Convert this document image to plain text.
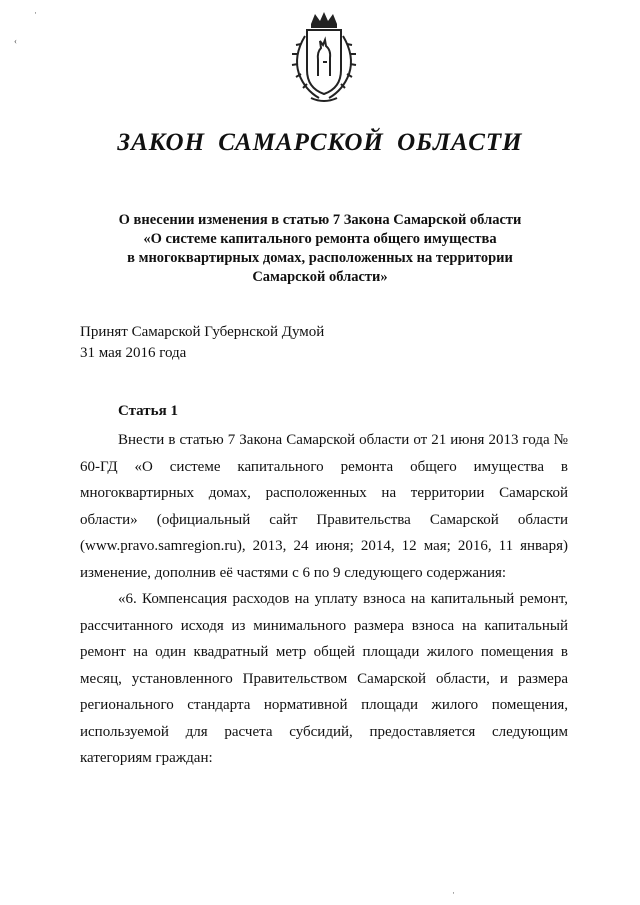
ЗАКОН САМАРСКОЙ ОБЛАСТИ
О внесении изменения в статью 7 Закона Самарской области
«О системе капитального ремонта общего имущества
в многоквартирных домах, расположенных на территории
Самарской области»
Принят Самарской Губернской Думой
31 мая 2016 года
Статья 1

Внести в статью 7 Закона Самарской области от 21 июня 2013 года № 60-ГД «О системе капитального ремонта общего имущества в многоквартирных домах, расположенных на территории Самарской области» (официальный сайт Правительства Самарской области (www.pravo.samregion.ru), 2013, 24 июня; 2014, 12 мая; 2016, 11 января) изменение, дополнив её частями с 6 по 9 следующего содержания:

«6. Компенсация расходов на уплату взноса на капитальный ремонт, рассчитанного исходя из минимального размера взноса на капитальный ремонт на один квадратный метр общей площади жилого помещения в месяц, установленного Правительством Самарской области, и размера регионального стандарта нормативной площади жилого помещения, используемой для расчета субсидий, предоставляется следующим категориям граждан:

‹
·
·
